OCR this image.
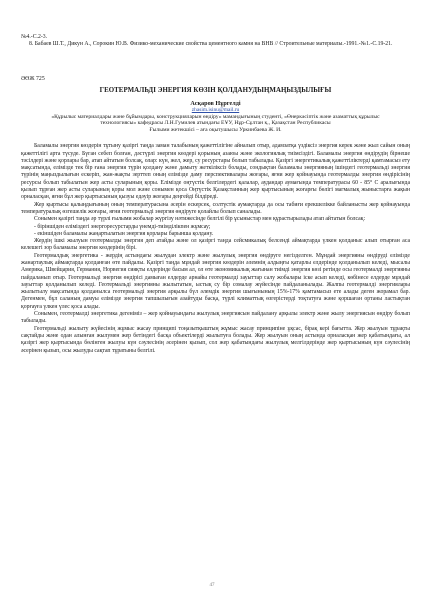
№4.-С.2-3.

8. Бабаев Ш.Т., Дикун А., Сорокин Ю.В. Физико-механические свойства цементного камня на ВНВ // Строительные материалы.-1991.-№1.-С.19-21.

ӘӨЖ 725
ГЕОТЕРМАЛЬДІ ЭНЕРГИЯ КӨЗІН ҚОЛДАНУДЫҢМАҢЫЗДЫЛЫҒЫ
Асқаров Нұргелді
zhasim.isinu@mail.ru
«Құрылыс материалдары және бұйымдары, конструкцияларын өндіру» мамандығының студенті, «Өнеркәсіптік және азаматтық құрылыс технологиясы» кафедрасы Л.Н.Гумилев атындағы ЕҰУ, Нұр-Сұлтан қ., Қазақстан Республикасы
Ғылыми жетекшісі – аға оқытушысы Уркинбаева Ж. И.

Баламалы энергия көздерін тұтыну қазіргі таңда заман талабының қажеттілігіне айналып отыр, адамзатқа үздіксіз энергия керек және жыл сайын оның қажеттілігі арта түсуде. Бүган себеп болған, дәстүрлі энергия көздері қорының азаюы және экологиялық тиімсіздігі. Баламалы энергия өндірудің бірнеше тәсілдері және қорлары бар, атап айтатын болсақ, олар: күн, жел, жер, су ресурстары болып табылады. Қазіргі энергетикалық қажеттіліктерді қамтамасыз ету мақсатында, еліміздe тек бір ғана энергия түрін қолдану және дамыту жеткіліксіз болады, сондықтан баламалы энергияның ішіндегі геотермальді энергия түрінің маңыздылығын ескеріп, жан-жақты зерттеп оның елімізде даму перспективалары жоғары, яғни жер қойнауында геотермалды энергия өндірісінің ресурсы болып табылатын жер асты суларының қоры. Елімізде оңтүстік белгілердегі қалалар, аудандар аумағында температурасы 60 - 85° С аралығында қызып тұрған жер асты суларының қоры мол және сонымен қоса Оңтүстік Қазақстанның жер қыртысының жоғарғы бөлігі магмалық жыныстарға жақын орналасқан, яғни бұл жер қыртысының қызуы едәуір жоғары деңгейді білдіреді.

Жер қыртысы қалыңдығының оның температурасына әсерін ескерсек, солтүстік аумақтарда да осы табиғи ерекшелікке байланысты жер қойнауында температуралық өзгешелік жоғары, яғни геотермальді энергия өндіруге қолайлы болып саналады.

Сонымен қазіргі таңда әр түрлі ғылыми жобалар жүргізу нәтижесінде белгілі бір ұсыныстар мен құрастырылады атап айтатын болсақ:

- біріншіден еліміздегі энергоресурстарды үнемді-тиімділікпен жұмсау;

- екіншіден баламалы жаңартылатын энергия қорлары барынша қолдану.

Жердің ішкі жылуын геотермалды энергия деп атайды және ол қазіргі таңда сейсмикалық белсенді аймақтарда үлкен қолданыс алып отырған аса келешегі зор баламалы энергия көздерінің бірі.

Геотермалдық энергетика - жердің астындағы жылудан электр және жылулық энергия өндіруге негізделген. Мұндай энергияны өндіруді елімізде жанартаулық аймақтарда қолданған өте пайдалы. Қазіргі таңда мұндай энергия көздерін әлемнің алдыңғы қатарлы елдерінде қолданылып келеді, мысалы Америка, Швейцария, Германия, Норвегия сияқты елдерінде басым ал, ол өте экономикалық жағынан тиімді энергия көзі ретінде осы геотермалді энергияны пайдаланып отыр. Геотермальді энергия өндірісі дамыған елдерде арнайы геотермалді зауыттар салу жобалары іске асып келеді, көбінесе елдерде мұндай зауыттар қолданылып келеді. Геотермальді энергияны жылытатын, ыстық су бір сомалау жүйесінде пайдаланылады. Жалпы геотермалді энергиялары жылытылу мақсатында қолданылса геотермальді энергия арқылы бүл әлемдік энергия шығынының 15%-17% қамтамасыз ете алады деген жорамал бар. Дегенмен, бұл саланың дамуы елімізде энергия тапшылығын азайтуды басқа, түрлі климаттық өзгерістерді тоқтатуға және қоршаған ортаны ластықтан қорғауға үлкен үлес қоса алады.

Сонымен, геотермалді энергетика дегеніміз – жер қойнауындағы жылулық энергиясын пайдалану арқылы электр және жылу энергиясын өндіру болып табылады.

Геотермальді жылыту жүйесінің жұмыс жасау принципі тоңазытқыштың жұмыс жасау принципіне ұқсас, бірақ кері бағытта. Жер жылуын тұрақты сақтайды және одан алынған жылумен жер бетіндегі басқа объектілерді жылытуға болады. Жер жылуын оның астында орналасқан жер қабатындағы, ал қазіргі жер қыртысында бөлінген жылуы күн сәулесінің әсерінен қызып, сол жер қабатындағы жылулық мелгілдерінде жер қыртысының күн сәулесінің әсерінен қызып, осы жылуды сақтап тұратыны белгілі.

47
